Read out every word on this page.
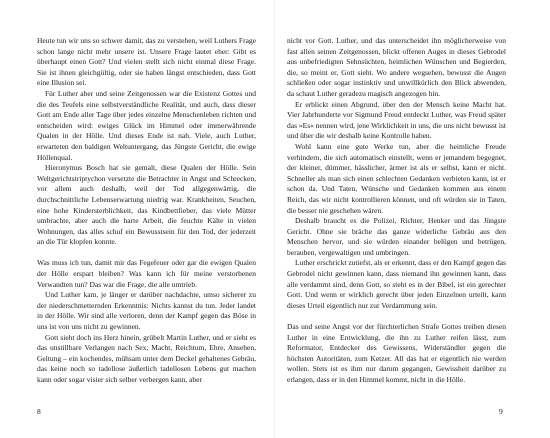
Heute tun wir uns so schwer damit, das zu verstehen, weil Luthers Frage schon lange nicht mehr unsere ist. Unsere Frage lautet eher: Gibt es überhaupt einen Gott? Und vielen stellt sich nicht einmal diese Frage. Sie ist ihnen gleichgültig, oder sie haben längst entschieden, dass Gott eine Illusion sei.

Für Luther aber und seine Zeitgenossen war die Existenz Gottes und die des Teufels eine selbstverständliche Realität, und auch, dass dieser Gott am Ende aller Tage über jedes einzelne Menschenleben richten und entscheiden wird: ewiges Glück im Himmel oder immerwährende Qualen in der Hölle. Und dieses Ende ist nah. Viele, auch Luther, erwarteten den baldigen Weltuntergang, das Jüngste Gericht, die ewige Höllenqual.

Hieronymus Bosch hat sie gemalt, diese Qualen der Hölle. Sein Weltgerichtstriptychon versetzte die Betrachter in Angst und Schrecken, vor allem auch deshalb, weil der Tod allgegenwärtig, die durchschnittliche Lebenserwartung niedrig war. Krankheiten, Seuchen, eine hohe Kindersterblichkeit, das Kindbettfieber, das viele Mütter umbrachte, aber auch die harte Arbeit, die feuchte Kälte in vielen Wohnungen, das alles schuf ein Bewusstsein für den Tod, der jederzeit an die Tür klopfen konnte.

Was muss ich tun, damit mir das Fegefeuer oder gar die ewigen Qualen der Hölle erspart bleiben? Was kann ich für meine verstorbenen Verwandten tun? Das war die Frage, die alle umtrieb.

Und Luther kam, je länger er darüber nachdachte, umso sicherer zu der niederschmetternden Erkenntnis: Nichts kannst du tun. Jeder landet in der Hölle. Wir sind alle verloren, denn der Kampf gegen das Böse in uns ist von uns nicht zu gewinnen.

Gott sieht doch ins Herz hinein, grübelt Martin Luther, und er sieht es das unstillbare Verlangen nach Sex, Macht, Reichtum, Ehre, Ansehen, Geltung – ein kochendes, mühsam unter dem Deckel gehaltenes Gebräu, das keine noch so tadellose äußerlich tadellosen Lebens gut machen kann oder sogar visier sich selber verbergen kann, aber

8

nicht vor Gott. Luther, und das unterscheidet ihn möglicherweise von fast allen seinen Zeitgenossen, blickt offenen Auges in dieses Gebrodel aus unbefriedigten Sehnsüchten, heimlichen Wünschen und Begierden, die, so meint er, Gott sieht. Wo andere wegsehen, bewusst die Augen schließen oder sogar instinktiv und unwillkürlich den Blick abwenden, da schaut Luther geradezu magisch angezogen hin.

Er erblickt einen Abgrund, über den der Mensch keine Macht hat. Vier Jahrhunderte vor Sigmund Freud entdeckt Luther, was Freud später das »Es« nennen wird, jene Wirklichkeit in uns, die uns nicht bewusst ist und über die wir deshalb keine Kontrolle haben.

Wohl kann eine gute Werke tun, aber die heimliche Freude verhindern, die sich automatisch einstellt, wenn er jemandem begegnet, der kleiner, dümmer, hässlicher, ärmer ist als er selbst, kann er nicht. Schneller als man sich einen schlechten Gedanken verbieten kann, ist er schon da. Und Taten, Wünsche und Gedanken kommen aus einem Reich, das wir nicht kontrollieren können, und oft würden sie in Taten, die besser nie geschehen wären.

Deshalb braucht es die Polizei, Richter, Henker und das Jüngste Gericht. Ohne sie bräche das ganze widerliche Gebräu aus den Menschen hervor, und sie würden einander belügen und betrügen, berauben, vergewaltigen und umbringen.

Luther erschrickt zutiefst, als er erkennt, dass er den Kampf gegen das Gebrodel nicht gewinnen kann, dass niemand ihn gewinnen kann, dass alle verdammt sind, denn Gott, so steht es in der Bibel, ist ein gerechter Gott. Und wenn er wirklich gerecht über jeden Einzelnen urteilt, kann dieses Urteil eigentlich nur zur Verdammung sein.

Das und seine Angst vor der fürchterlichen Strafe Gottes treiben diesen Luther in eine Entwicklung, die ihn zu Luther reifen lässt, zum Reformator, Entdecker des Gewissens, Widerständler gegen die höchsten Autoritäten, zum Ketzer. All das hat er eigentlich nie werden wollen. Stets ist es ihm nur darum gegangen, Gewissheit darüber zu erlangen, dass er in den Himmel kommt, nicht in die Hölle.

9
